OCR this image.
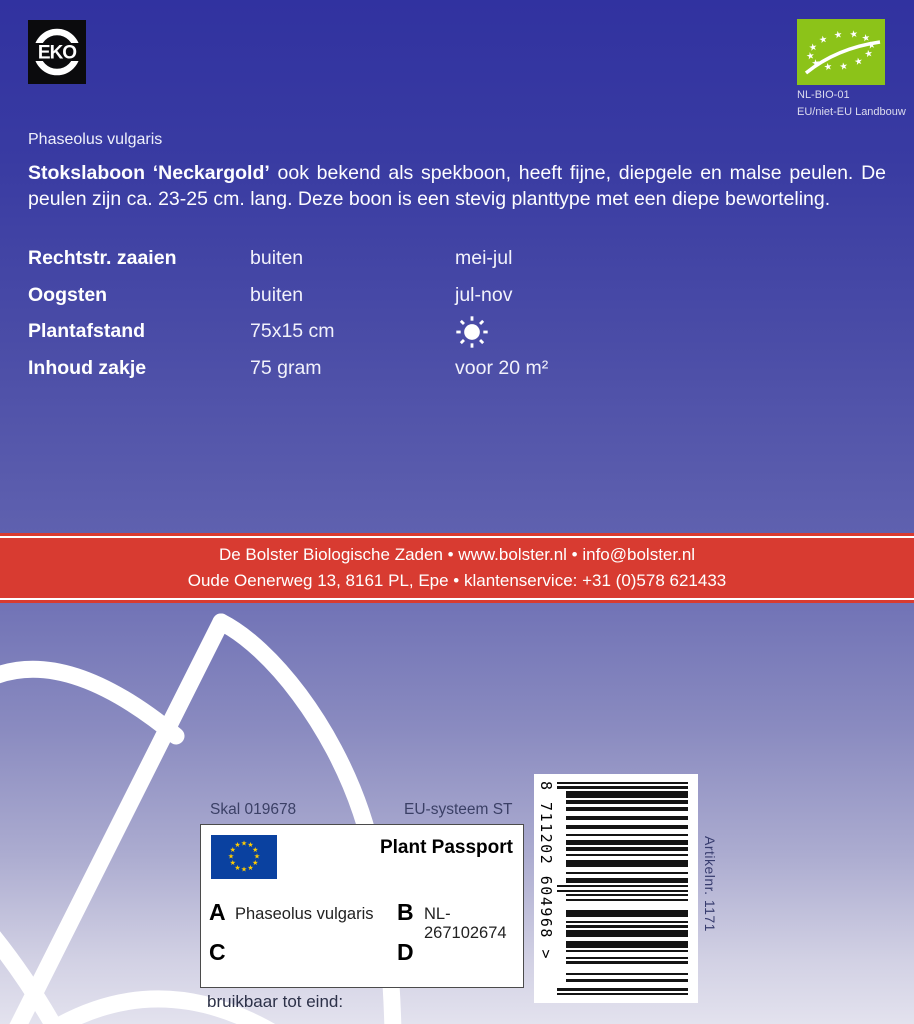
De Bolster Biologische Zaden • www.bolster.nl • info@bolster.nl
Oude Oenerweg 13, 8161 PL, Epe • klantenservice: +31 (0)578 621433
EKO
★ ★ ★
★
★
★
★
★
★
★
★
★
NL-BIO-01
EU/niet-EU Landbouw
Phaseolus vulgaris
Stokslaboon ‘Neckargold’ ook bekend als spekboon, heeft fijne, diepgele en malse peulen. De peulen zijn ca. 23-25 cm. lang. Deze boon is een stevig planttype met een diepe beworteling.
Rechtstr. zaaien	buiten	mei-jul
Oogsten	buiten	jul-nov
Plantafstand	75x15 cm
Inhoud zakje	75 gram	voor 20 m²
Skal 019678	EU-systeem ST
★ ★
★
★
★
★
★
★
★
★
★
★	Plant Passport
A Phaseolus vulgaris B NL-267102674
C	D
bruikbaar tot eind:
8 711202 604968 >	Artikelnr. 1171
